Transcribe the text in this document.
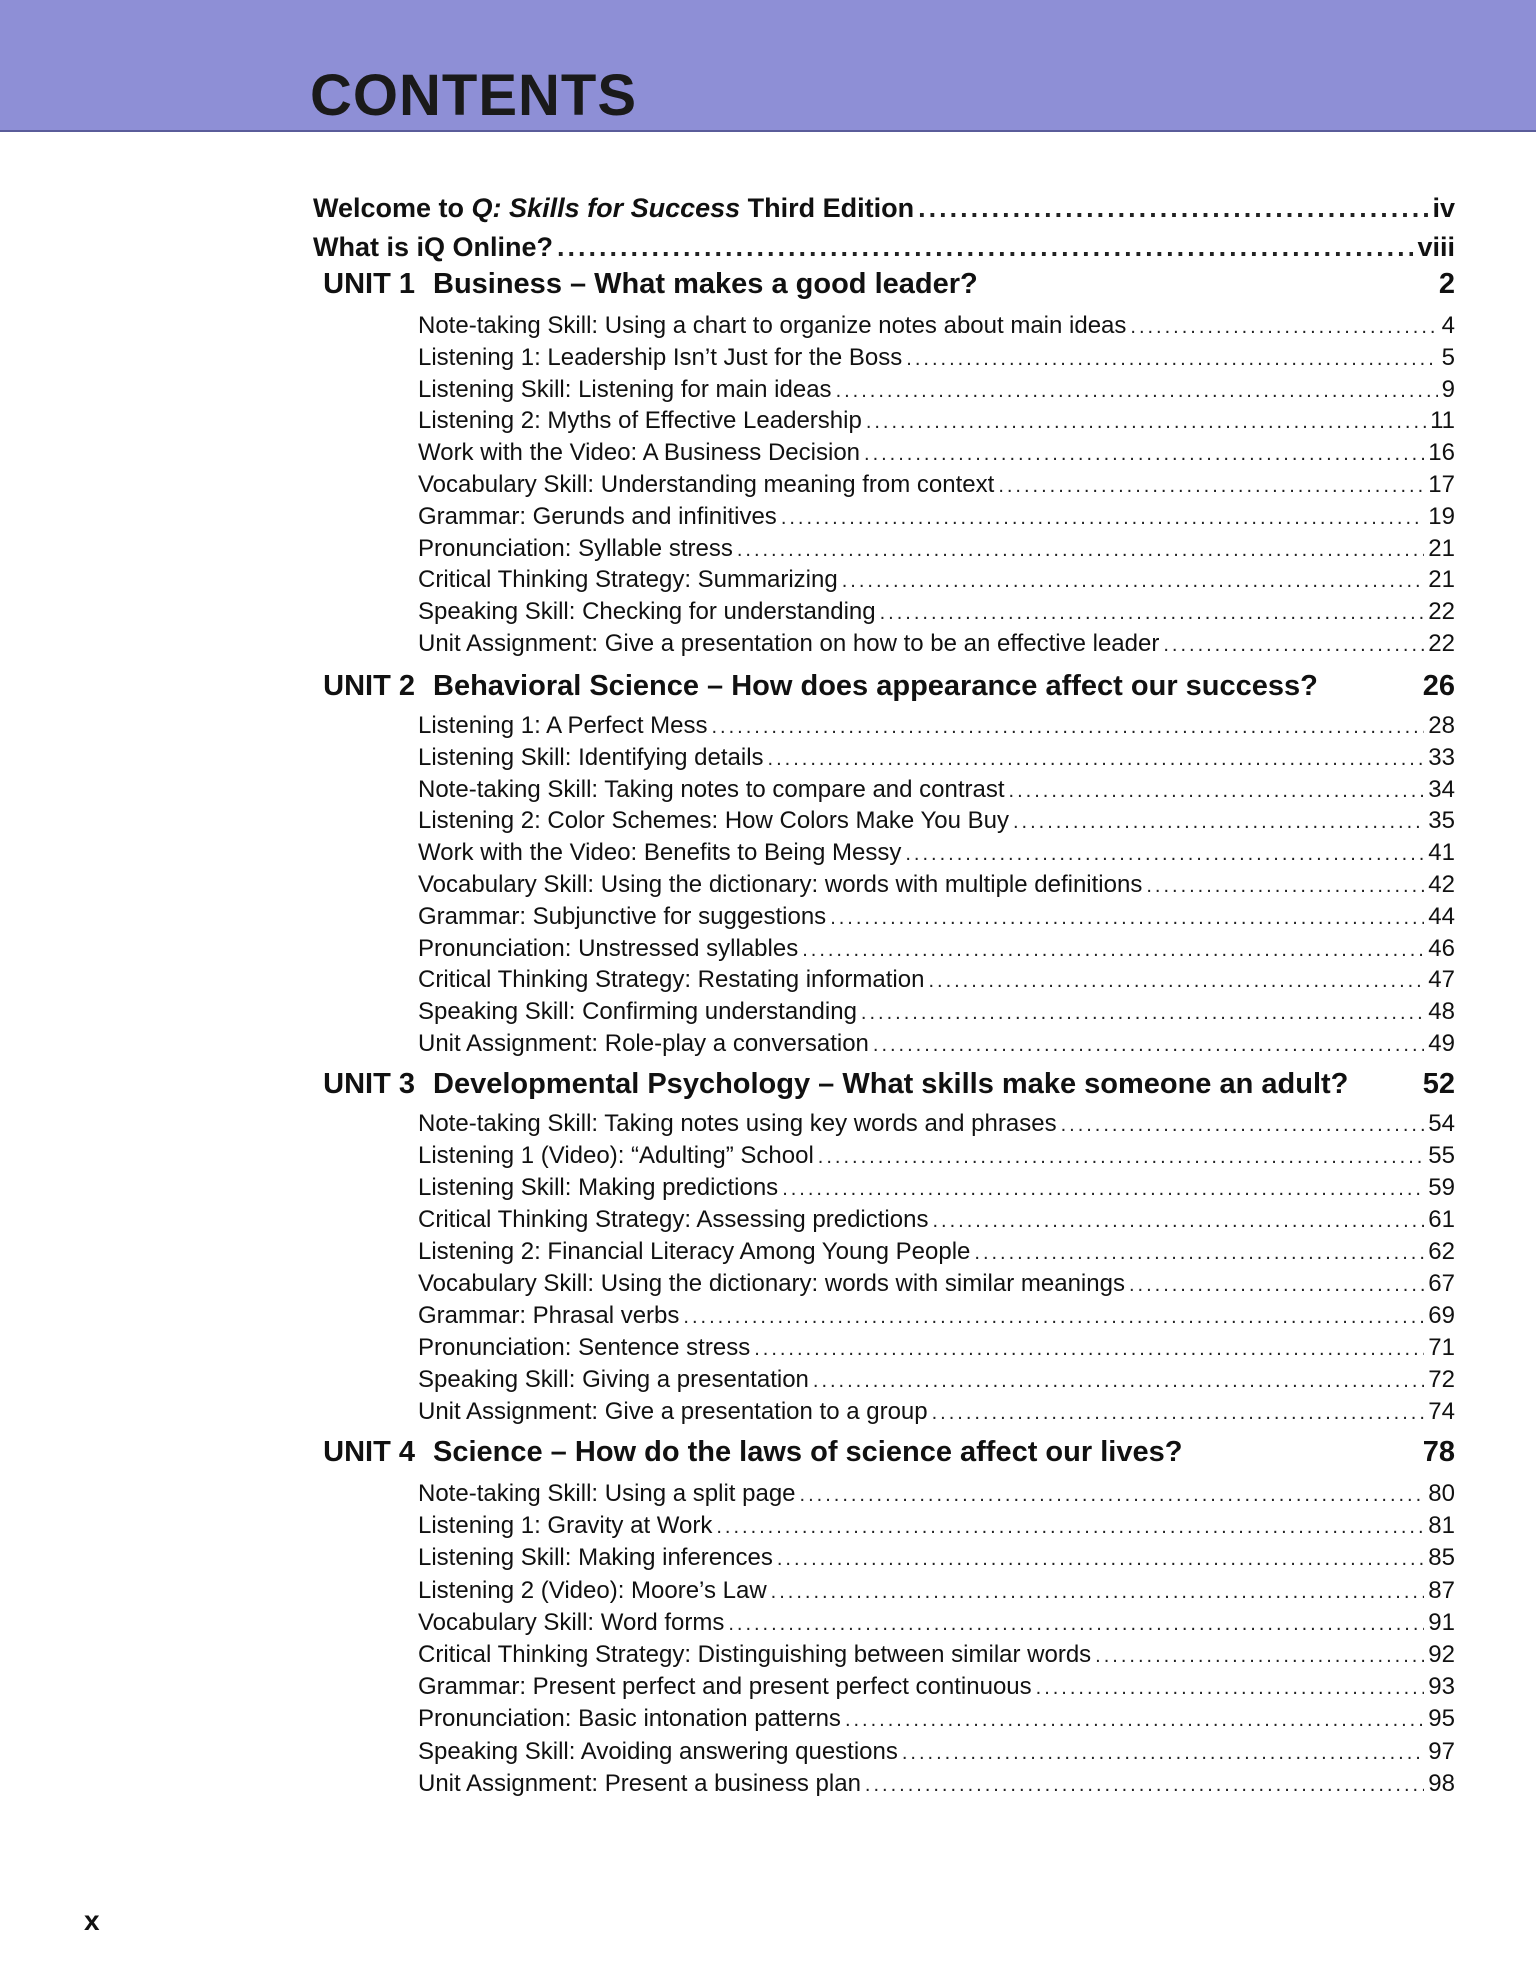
CONTENTS
Welcome to Q: Skills for Success Third Edition .....	iv
What is iQ Online? .....	viii
UNIT 1 Business – What makes a good leader?	2
Note-taking Skill: Using a chart to organize notes about main ideas .....	4
Listening 1: Leadership Isn’t Just for the Boss .....	5
Listening Skill: Listening for main ideas .....	9
Listening 2: Myths of Effective Leadership .....	11
Work with the Video: A Business Decision .....	16
Vocabulary Skill: Understanding meaning from context .....	17
Grammar: Gerunds and infinitives .....	19
Pronunciation: Syllable stress .....	21
Critical Thinking Strategy: Summarizing .....	21
Speaking Skill: Checking for understanding .....	22
Unit Assignment: Give a presentation on how to be an effective leader .....	22
UNIT 2 Behavioral Science – How does appearance affect our success?	26
Listening 1: A Perfect Mess .....	28
Listening Skill: Identifying details .....	33
Note-taking Skill: Taking notes to compare and contrast .....	34
Listening 2: Color Schemes: How Colors Make You Buy .....	35
Work with the Video: Benefits to Being Messy .....	41
Vocabulary Skill: Using the dictionary: words with multiple definitions .....	42
Grammar: Subjunctive for suggestions .....	44
Pronunciation: Unstressed syllables .....	46
Critical Thinking Strategy: Restating information .....	47
Speaking Skill: Confirming understanding .....	48
Unit Assignment: Role-play a conversation .....	49
UNIT 3 Developmental Psychology – What skills make someone an adult?	52
Note-taking Skill: Taking notes using key words and phrases .....	54
Listening 1 (Video): “Adulting” School .....	55
Listening Skill: Making predictions .....	59
Critical Thinking Strategy: Assessing predictions .....	61
Listening 2: Financial Literacy Among Young People .....	62
Vocabulary Skill: Using the dictionary: words with similar meanings .....	67
Grammar: Phrasal verbs .....	69
Pronunciation: Sentence stress .....	71
Speaking Skill: Giving a presentation .....	72
Unit Assignment: Give a presentation to a group .....	74
UNIT 4 Science – How do the laws of science affect our lives?	78
Note-taking Skill: Using a split page .....	80
Listening 1: Gravity at Work .....	81
Listening Skill: Making inferences .....	85
Listening 2 (Video): Moore’s Law .....	87
Vocabulary Skill: Word forms .....	91
Critical Thinking Strategy: Distinguishing between similar words .....	92
Grammar: Present perfect and present perfect continuous .....	93
Pronunciation: Basic intonation patterns .....	95
Speaking Skill: Avoiding answering questions .....	97
Unit Assignment: Present a business plan .....	98

x
